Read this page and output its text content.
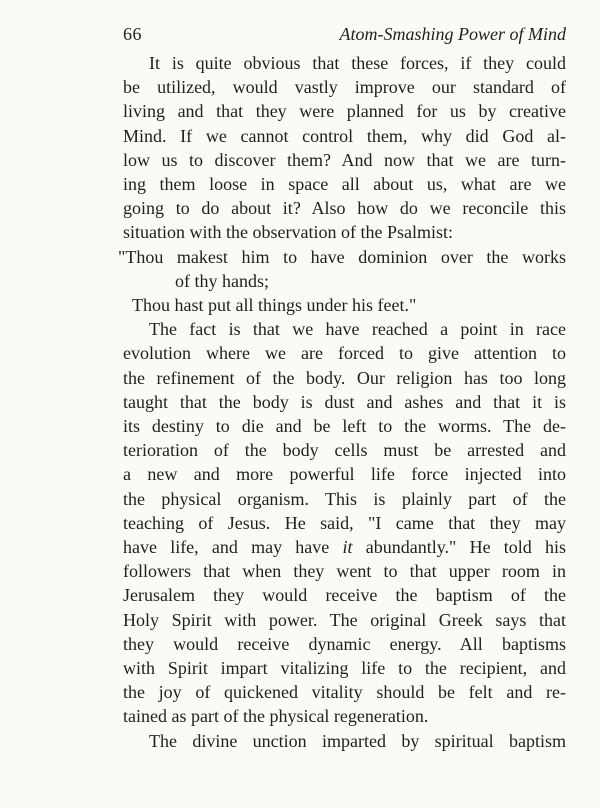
66	Atom-Smashing Power of Mind
It is quite obvious that these forces, if they could
be utilized, would vastly improve our standard of
living and that they were planned for us by creative
Mind. If we cannot control them, why did God al-
low us to discover them? And now that we are turn-
ing them loose in space all about us, what are we
going to do about it? Also how do we reconcile this
situation with the observation of the Psalmist:
"Thou makest him to have dominion over the works
of thy hands;
Thou hast put all things under his feet."
The fact is that we have reached a point in race
evolution where we are forced to give attention to
the refinement of the body. Our religion has too long
taught that the body is dust and ashes and that it is
its destiny to die and be left to the worms. The de-
terioration of the body cells must be arrested and
a new and more powerful life force injected into
the physical organism. This is plainly part of the
teaching of Jesus. He said, "I came that they may
have life, and may have it abundantly." He told his
followers that when they went to that upper room in
Jerusalem they would receive the baptism of the
Holy Spirit with power. The original Greek says that
they would receive dynamic energy. All baptisms
with Spirit impart vitalizing life to the recipient, and
the joy of quickened vitality should be felt and re-
tained as part of the physical regeneration.
The divine unction imparted by spiritual baptism
